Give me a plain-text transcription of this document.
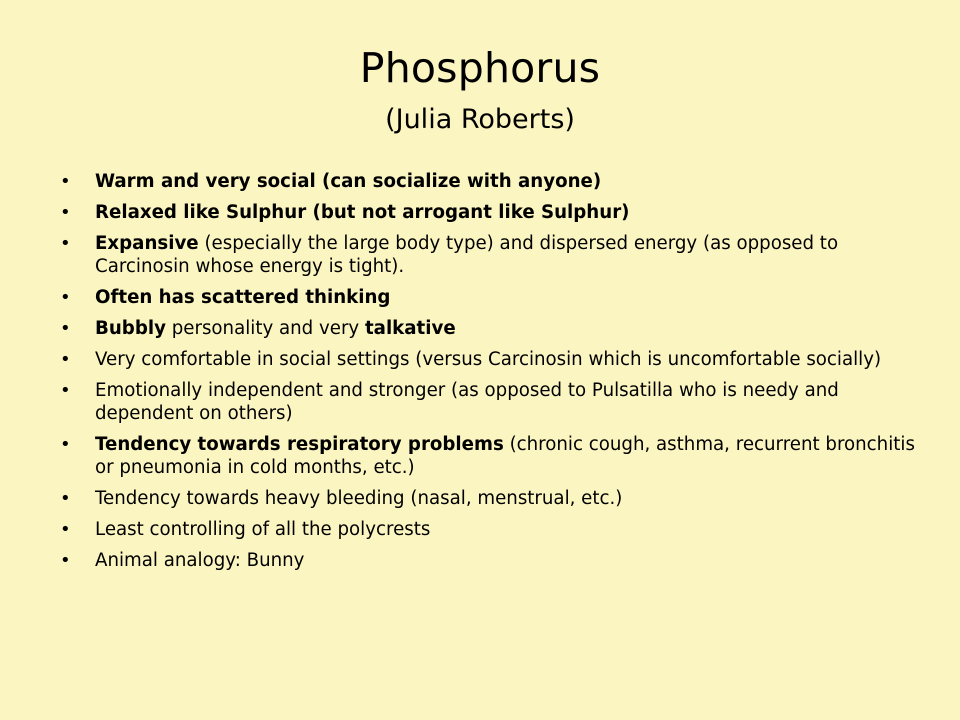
Phosphorus
(Julia Roberts)
•	Warm and very social (can socialize with anyone)
•	Relaxed like Sulphur (but not arrogant like Sulphur)
•	Expansive (especially the large body type) and dispersed energy (as opposed to Carcinosin whose energy is tight).
•	Often has scattered thinking
•	Bubbly personality and very talkative
•	Very comfortable in social settings (versus Carcinosin which is uncomfortable socially)
•	Emotionally independent and stronger (as opposed to Pulsatilla who is needy and dependent on others)
•	Tendency towards respiratory problems (chronic cough, asthma, recurrent bronchitis or pneumonia in cold months, etc.)
•	Tendency towards heavy bleeding (nasal, menstrual, etc.)
•	Least controlling of all the polycrests
•	Animal analogy: Bunny
